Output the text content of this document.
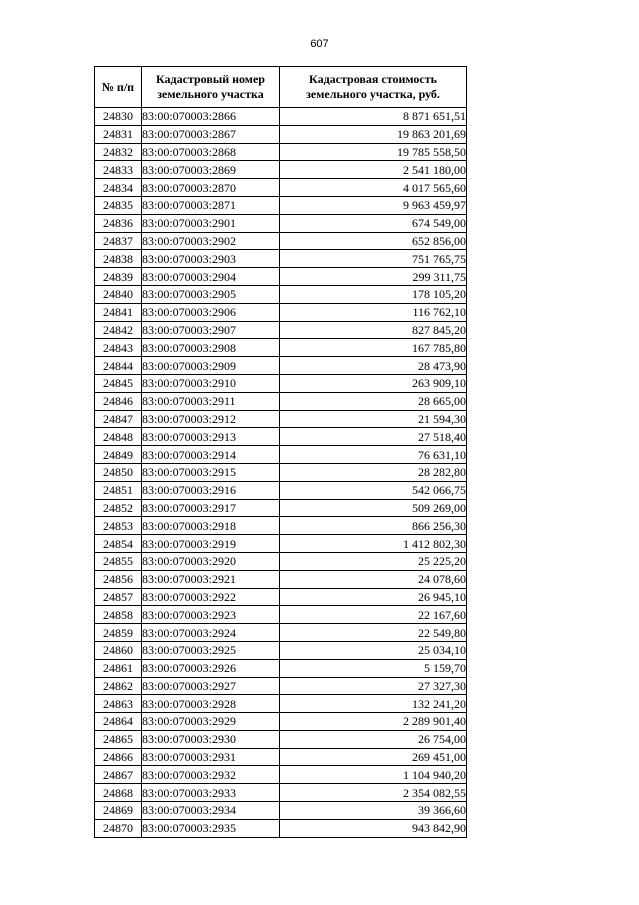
607
№ п/п	Кадастровый номер земельного участка	Кадастровая стоимость земельного участка, руб.
24830	83:00:070003:2866	8 871 651,51
24831	83:00:070003:2867	19 863 201,69
24832	83:00:070003:2868	19 785 558,50
24833	83:00:070003:2869	2 541 180,00
24834	83:00:070003:2870	4 017 565,60
24835	83:00:070003:2871	9 963 459,97
24836	83:00:070003:2901	674 549,00
24837	83:00:070003:2902	652 856,00
24838	83:00:070003:2903	751 765,75
24839	83:00:070003:2904	299 311,75
24840	83:00:070003:2905	178 105,20
24841	83:00:070003:2906	116 762,10
24842	83:00:070003:2907	827 845,20
24843	83:00:070003:2908	167 785,80
24844	83:00:070003:2909	28 473,90
24845	83:00:070003:2910	263 909,10
24846	83:00:070003:2911	28 665,00
24847	83:00:070003:2912	21 594,30
24848	83:00:070003:2913	27 518,40
24849	83:00:070003:2914	76 631,10
24850	83:00:070003:2915	28 282,80
24851	83:00:070003:2916	542 066,75
24852	83:00:070003:2917	509 269,00
24853	83:00:070003:2918	866 256,30
24854	83:00:070003:2919	1 412 802,30
24855	83:00:070003:2920	25 225,20
24856	83:00:070003:2921	24 078,60
24857	83:00:070003:2922	26 945,10
24858	83:00:070003:2923	22 167,60
24859	83:00:070003:2924	22 549,80
24860	83:00:070003:2925	25 034,10
24861	83:00:070003:2926	5 159,70
24862	83:00:070003:2927	27 327,30
24863	83:00:070003:2928	132 241,20
24864	83:00:070003:2929	2 289 901,40
24865	83:00:070003:2930	26 754,00
24866	83:00:070003:2931	269 451,00
24867	83:00:070003:2932	1 104 940,20
24868	83:00:070003:2933	2 354 082,55
24869	83:00:070003:2934	39 366,60
24870	83:00:070003:2935	943 842,90
